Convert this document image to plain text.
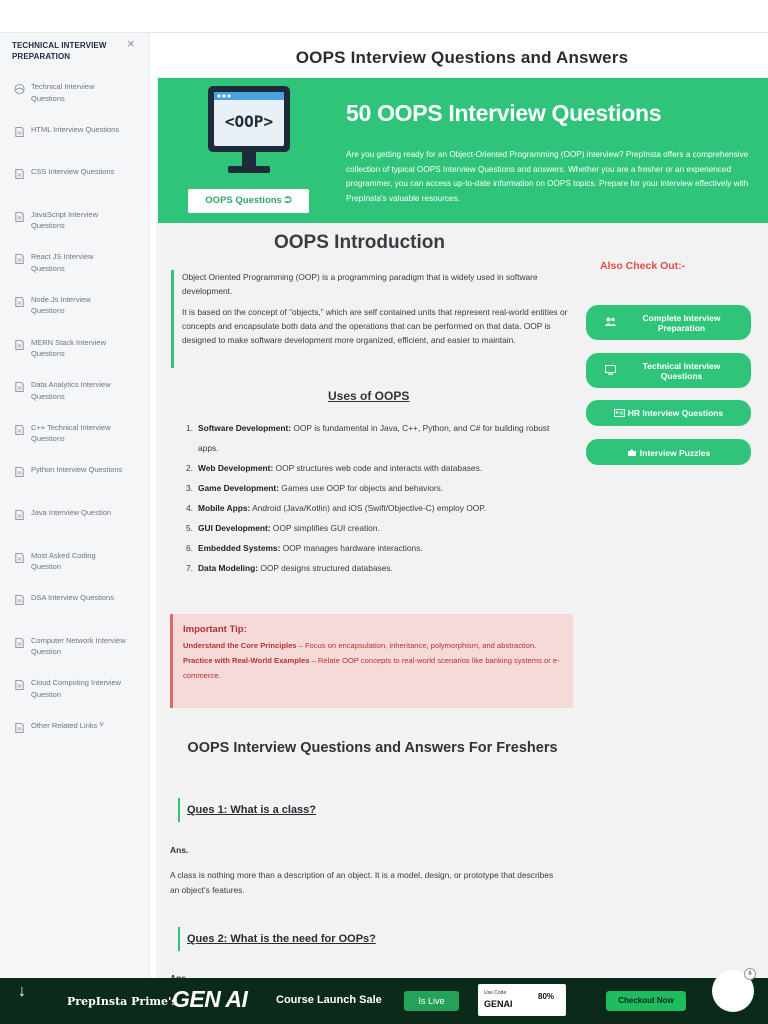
TECHNICAL INTERVIEW PREPARATION
×
Technical Interview Questions
HTML Interview Questions
CSS Interview Questions
JavaScript Interview Questions
React JS Interview Questions
Node.Js Interview Questions
MERN Stack Interview Questions
Data Analytics Interview Questions
C++ Technical Interview Questions
Python Interview Questions
Java Interview Question
Most Asked Coding Question
DSA Interview Questions
Computer Network Interview Question
Cloud Computing Interview Question
Other Related Links ˅
OOPS Interview Questions and Answers
<OOP>
OOPS Questions ⮊
50 OOPS Interview Questions
Are you getting ready for an Object-Oriented Programming (OOP) interview? PrepInsta offers a comprehensive collection of typical OOPS Interview Questions and answers. Whether you are a fresher or an experienced programmer, you can access up-to-date information on OOPS topics. Prepare for your interview effectively with PrepInsta's valuable resources.
OOPS Introduction

Object Oriented Programming (OOP) is a programming paradigm that is widely used in software development.

It is based on the concept of “objects,” which are self contained units that represent real-world entities or concepts and encapsulate both data and the operations that can be performed on that data. OOP is designed to make software development more organized, efficient, and easier to maintain.

Uses of OOPS
1. Software Development: OOP is fundamental in Java, C++, Python, and C# for building robust apps.
2. Web Development: OOP structures web code and interacts with databases.
3. Game Development: Games use OOP for objects and behaviors.
4. Mobile Apps: Android (Java/Kotlin) and iOS (Swift/Objective-C) employ OOP.
5. GUI Development: OOP simplifies GUI creation.
6. Embedded Systems: OOP manages hardware interactions.
7. Data Modeling: OOP designs structured databases.
Important Tip:
Understand the Core Principles – Focus on encapsulation, inheritance, polymorphism, and abstraction.
Practice with Real-World Examples – Relate OOP concepts to real-world scenarios like banking systems or e-commerce.
OOPS Interview Questions and Answers For Freshers
Ques 1: What is a class?
Ans.
A class is nothing more than a description of an object. It is a model, design, or prototype that describes an object's features.
Ques 2: What is the need for OOPs?
Also Check Out:-
Complete Interview Preparation
Technical Interview Questions
HR Interview Questions
Interview Puzzles
↓
PrepInsta Prime's
GEN AI	Course Launch Sale	Is Live
Use Code
GENAI
80%	Checkout Now
6
